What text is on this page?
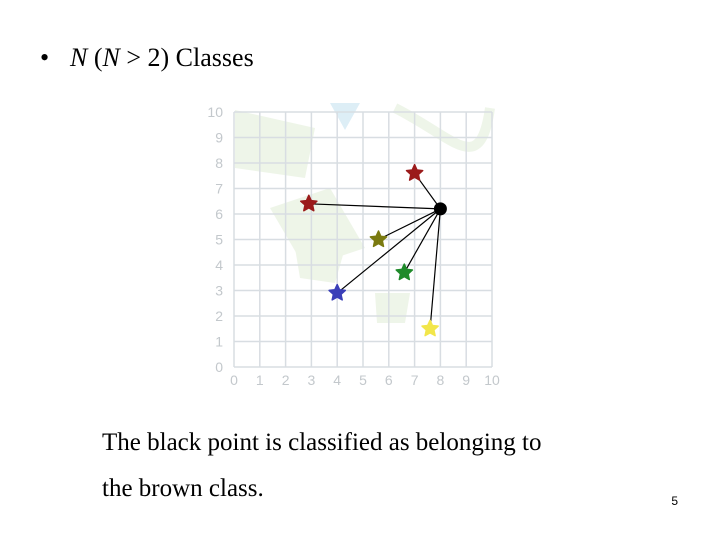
• N (N > 2) Classes
0 1 2 3 4 5 6 7 8 9 10
0
1
2
3
4
5
6
7
8
9
10
The black point is classified as belonging to
the brown class.	5
